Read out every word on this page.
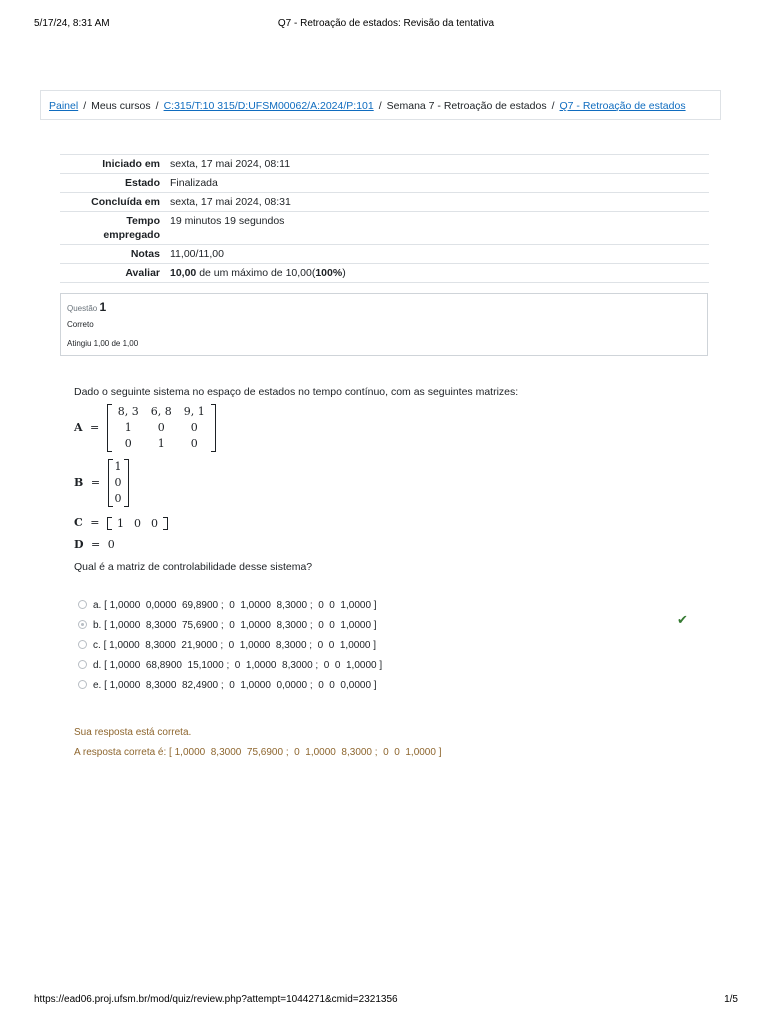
5/17/24, 8:31 AM	Q7 - Retroação de estados: Revisão da tentativa
Painel / Meus cursos / C:315/T:10 315/D:UFSM00062/A:2024/P:101 / Semana 7 - Retroação de estados / Q7 - Retroação de estados
Iniciado em	sexta, 17 mai 2024, 08:11
Estado	Finalizada
Concluída em	sexta, 17 mai 2024, 08:31
Tempo
empregado	19 minutos 19 segundos
Notas	11,00/11,00
Avaliar	10,00 de um máximo de 10,00(100%)
Questão 1
Correto
Atingiu 1,00 de 1,00
Dado o seguinte sistema no espaço de estados no tempo contínuo, com as seguintes matrizes:
A =
8, 3	6, 8	9, 1
1	0	0
0	1	0
B =
1
0
0
C = 1	0	0
D = 0
Qual é a matriz de controlabilidade desse sistema?
a. [ 1,0000  0,0000  69,8900 ;  0  1,0000  8,3000 ;  0  0  1,0000 ]
b. [ 1,0000  8,3000  75,6900 ;  0  1,0000  8,3000 ;  0  0  1,0000 ]
c. [ 1,0000  8,3000  21,9000 ;  0  1,0000  8,3000 ;  0  0  1,0000 ]
d. [ 1,0000  68,8900  15,1000 ;  0  1,0000  8,3000 ;  0  0  1,0000 ]
e. [ 1,0000  8,3000  82,4900 ;  0  1,0000  0,0000 ;  0  0  0,0000 ]
✔
Sua resposta está correta.
A resposta correta é: [ 1,0000  8,3000  75,6900 ;  0  1,0000  8,3000 ;  0  0  1,0000 ]
https://ead06.proj.ufsm.br/mod/quiz/review.php?attempt=1044271&cmid=2321356	1/5
